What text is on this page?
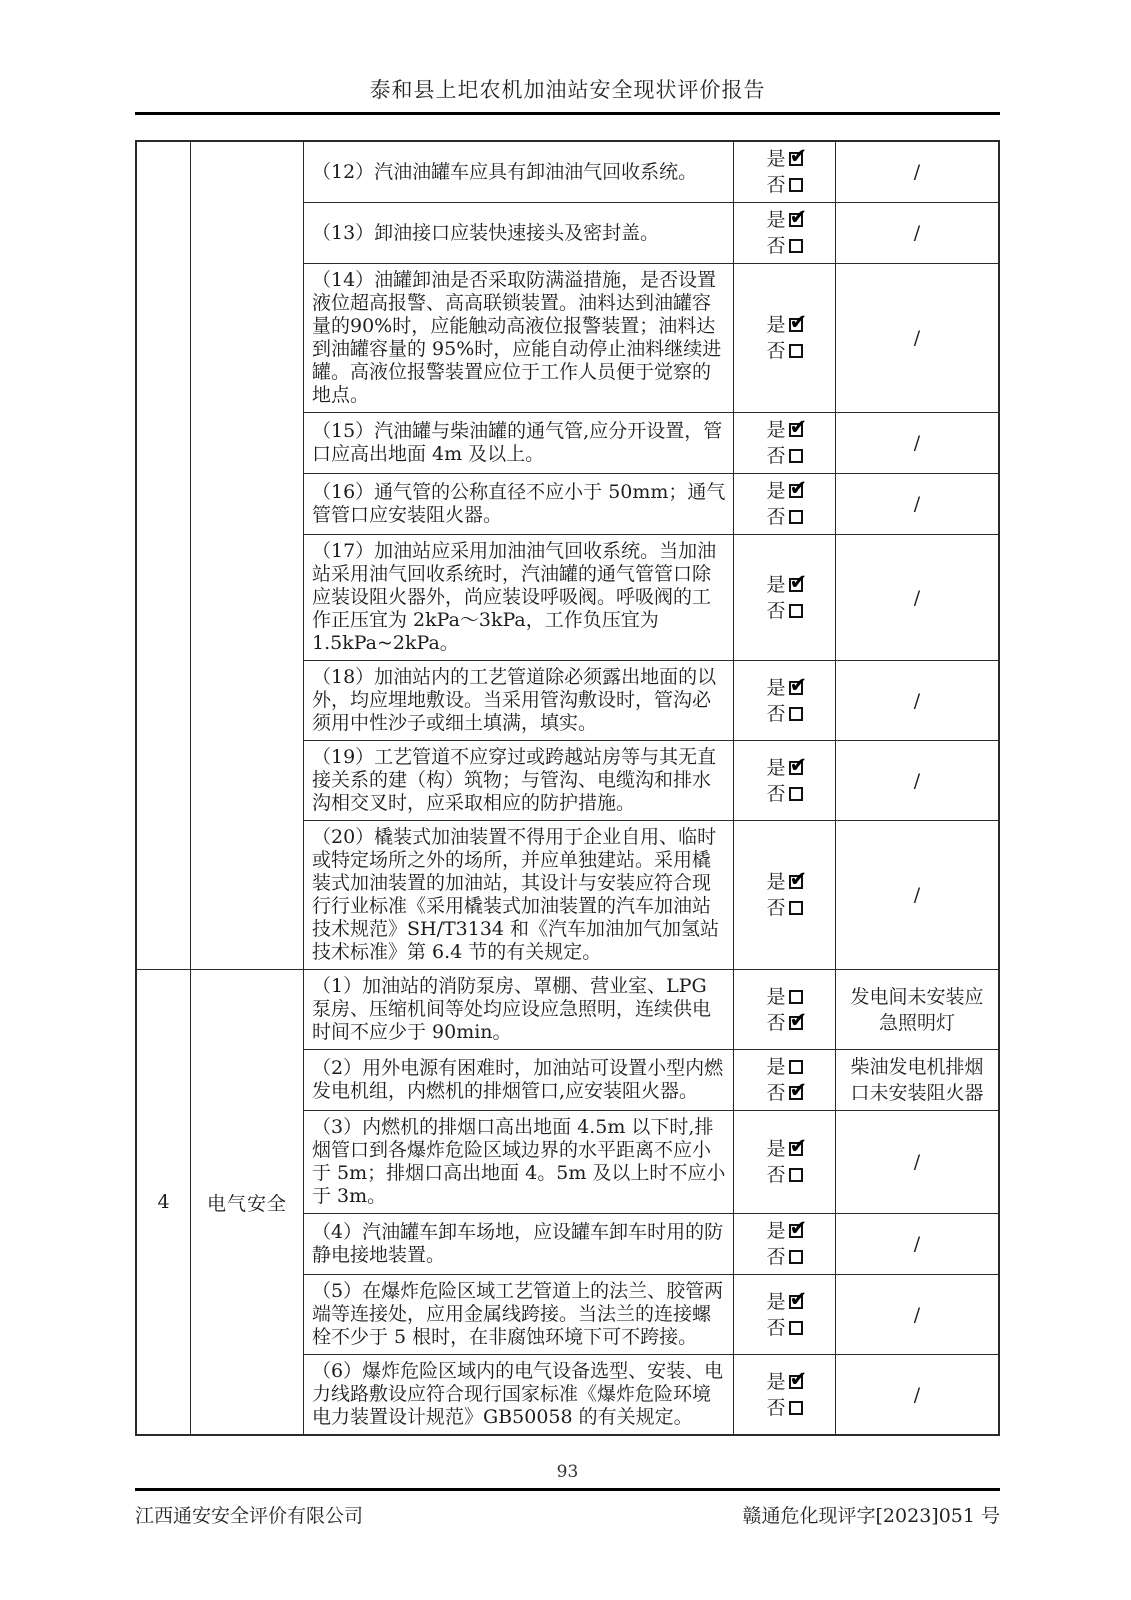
泰和县上圯农机加油站安全现状评价报告
（12）汽油油罐车应具有卸油油气回收系统。
是✔
否
/
（13）卸油接口应装快速接头及密封盖。
是✔
否
/
（14）油罐卸油是否采取防满溢措施，是否设置液位超高报警、高高联锁装置。油料达到油罐容量的90%时，应能触动高液位报警装置；油料达到油罐容量的 95%时，应能自动停止油料继续进罐。高液位报警装置应位于工作人员便于觉察的地点。
是✔
否
/
（15）汽油罐与柴油罐的通气管,应分开设置，管口应高出地面 4m 及以上。
是✔
否
/
（16）通气管的公称直径不应小于 50mm；通气管管口应安装阻火器。
是✔
否
/
（17）加油站应采用加油油气回收系统。当加油站采用油气回收系统时，汽油罐的通气管管口除应装设阻火器外，尚应装设呼吸阀。呼吸阀的工作正压宜为 2kPa～3kPa，工作负压宜为 1.5kPa~2kPa。
是✔
否
/
（18）加油站内的工艺管道除必须露出地面的以外，均应埋地敷设。当采用管沟敷设时，管沟必须用中性沙子或细土填满，填实。
是✔
否
/
（19）工艺管道不应穿过或跨越站房等与其无直接关系的建（构）筑物；与管沟、电缆沟和排水沟相交叉时，应采取相应的防护措施。
是✔
否
/
（20）橇装式加油装置不得用于企业自用、临时或特定场所之外的场所，并应单独建站。采用橇装式加油装置的加油站，其设计与安装应符合现行行业标准《采用橇装式加油装置的汽车加油站技术规范》SH/T3134 和《汽车加油加气加氢站技术标准》第 6.4 节的有关规定。
是✔
否
/
4	电气安全
（1）加油站的消防泵房、罩棚、营业室、LPG 泵房、压缩机间等处均应设应急照明，连续供电时间不应少于 90min。
是
否✔
发电间未安装应急照明灯
（2）用外电源有困难时，加油站可设置小型内燃发电机组，内燃机的排烟管口,应安装阻火器。
是
否✔
柴油发电机排烟口未安装阻火器
（3）内燃机的排烟口高出地面 4.5m 以下时,排烟管口到各爆炸危险区域边界的水平距离不应小于 5m；排烟口高出地面 4。5m 及以上时不应小于 3m。
是✔
否
/
（4）汽油罐车卸车场地，应设罐车卸车时用的防静电接地装置。
是✔
否
/
（5）在爆炸危险区域工艺管道上的法兰、胶管两端等连接处，应用金属线跨接。当法兰的连接螺栓不少于 5 根时，在非腐蚀环境下可不跨接。
是✔
否
/
（6）爆炸危险区域内的电气设备选型、安装、电力线路敷设应符合现行国家标准《爆炸危险环境电力装置设计规范》GB50058 的有关规定。
是✔
否
/
93
江西通安安全评价有限公司	赣通危化现评字[2023]051 号
